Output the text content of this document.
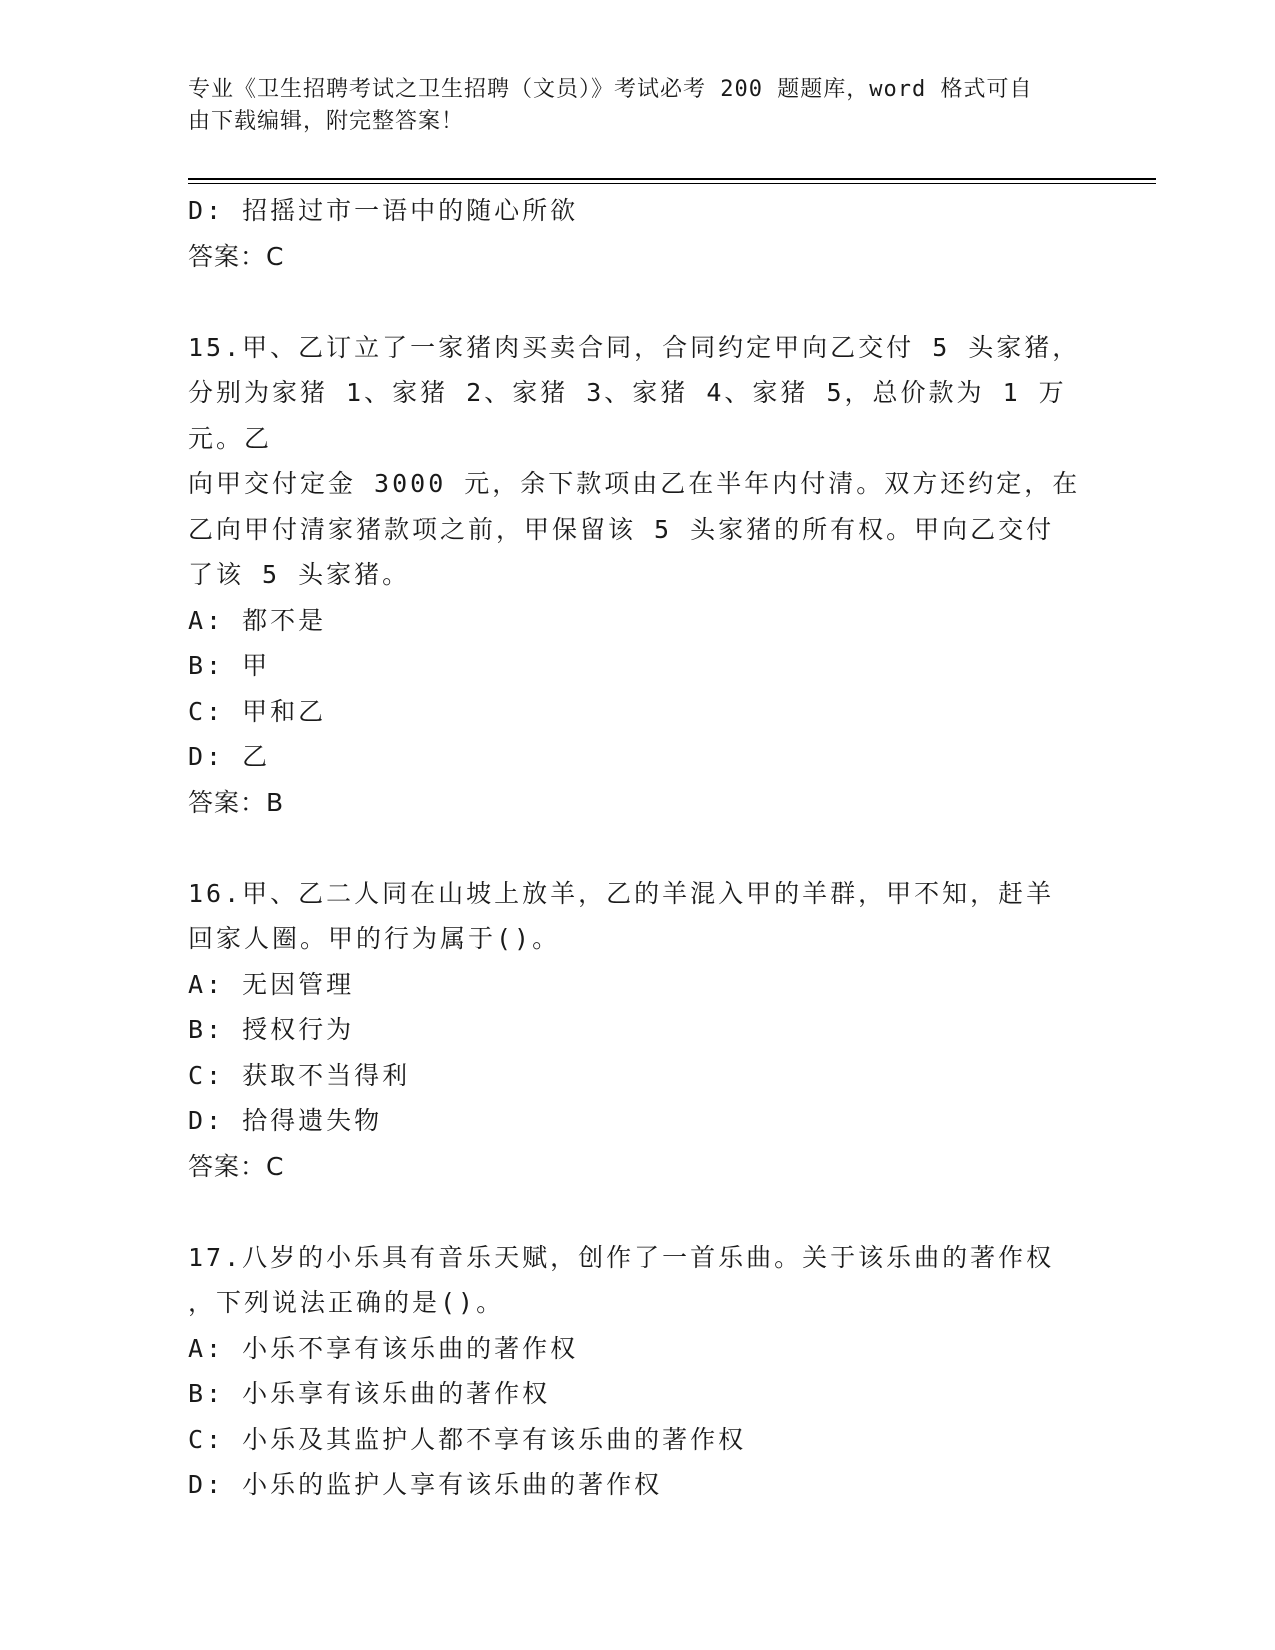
专业《卫生招聘考试之卫生招聘（文员）》考试必考 200 题题库，word 格式可自
由下载编辑，附完整答案！
D: 招摇过市一语中的随心所欲
答案：C
15.甲、乙订立了一家猪肉买卖合同，合同约定甲向乙交付 5 头家猪，
分别为家猪 1、家猪 2、家猪 3、家猪 4、家猪 5，总价款为 1 万元。乙
向甲交付定金 3000 元，余下款项由乙在半年内付清。双方还约定，在
乙向甲付清家猪款项之前，甲保留该 5 头家猪的所有权。甲向乙交付
了该 5 头家猪。
A: 都不是
B: 甲
C: 甲和乙
D: 乙
答案：B
16.甲、乙二人同在山坡上放羊，乙的羊混入甲的羊群，甲不知，赶羊
回家人圈。甲的行为属于()。
A: 无因管理
B: 授权行为
C: 获取不当得利
D: 拾得遗失物
答案：C
17.八岁的小乐具有音乐天赋，创作了一首乐曲。关于该乐曲的著作权
，下列说法正确的是()。
A: 小乐不享有该乐曲的著作权
B: 小乐享有该乐曲的著作权
C: 小乐及其监护人都不享有该乐曲的著作权
D: 小乐的监护人享有该乐曲的著作权
